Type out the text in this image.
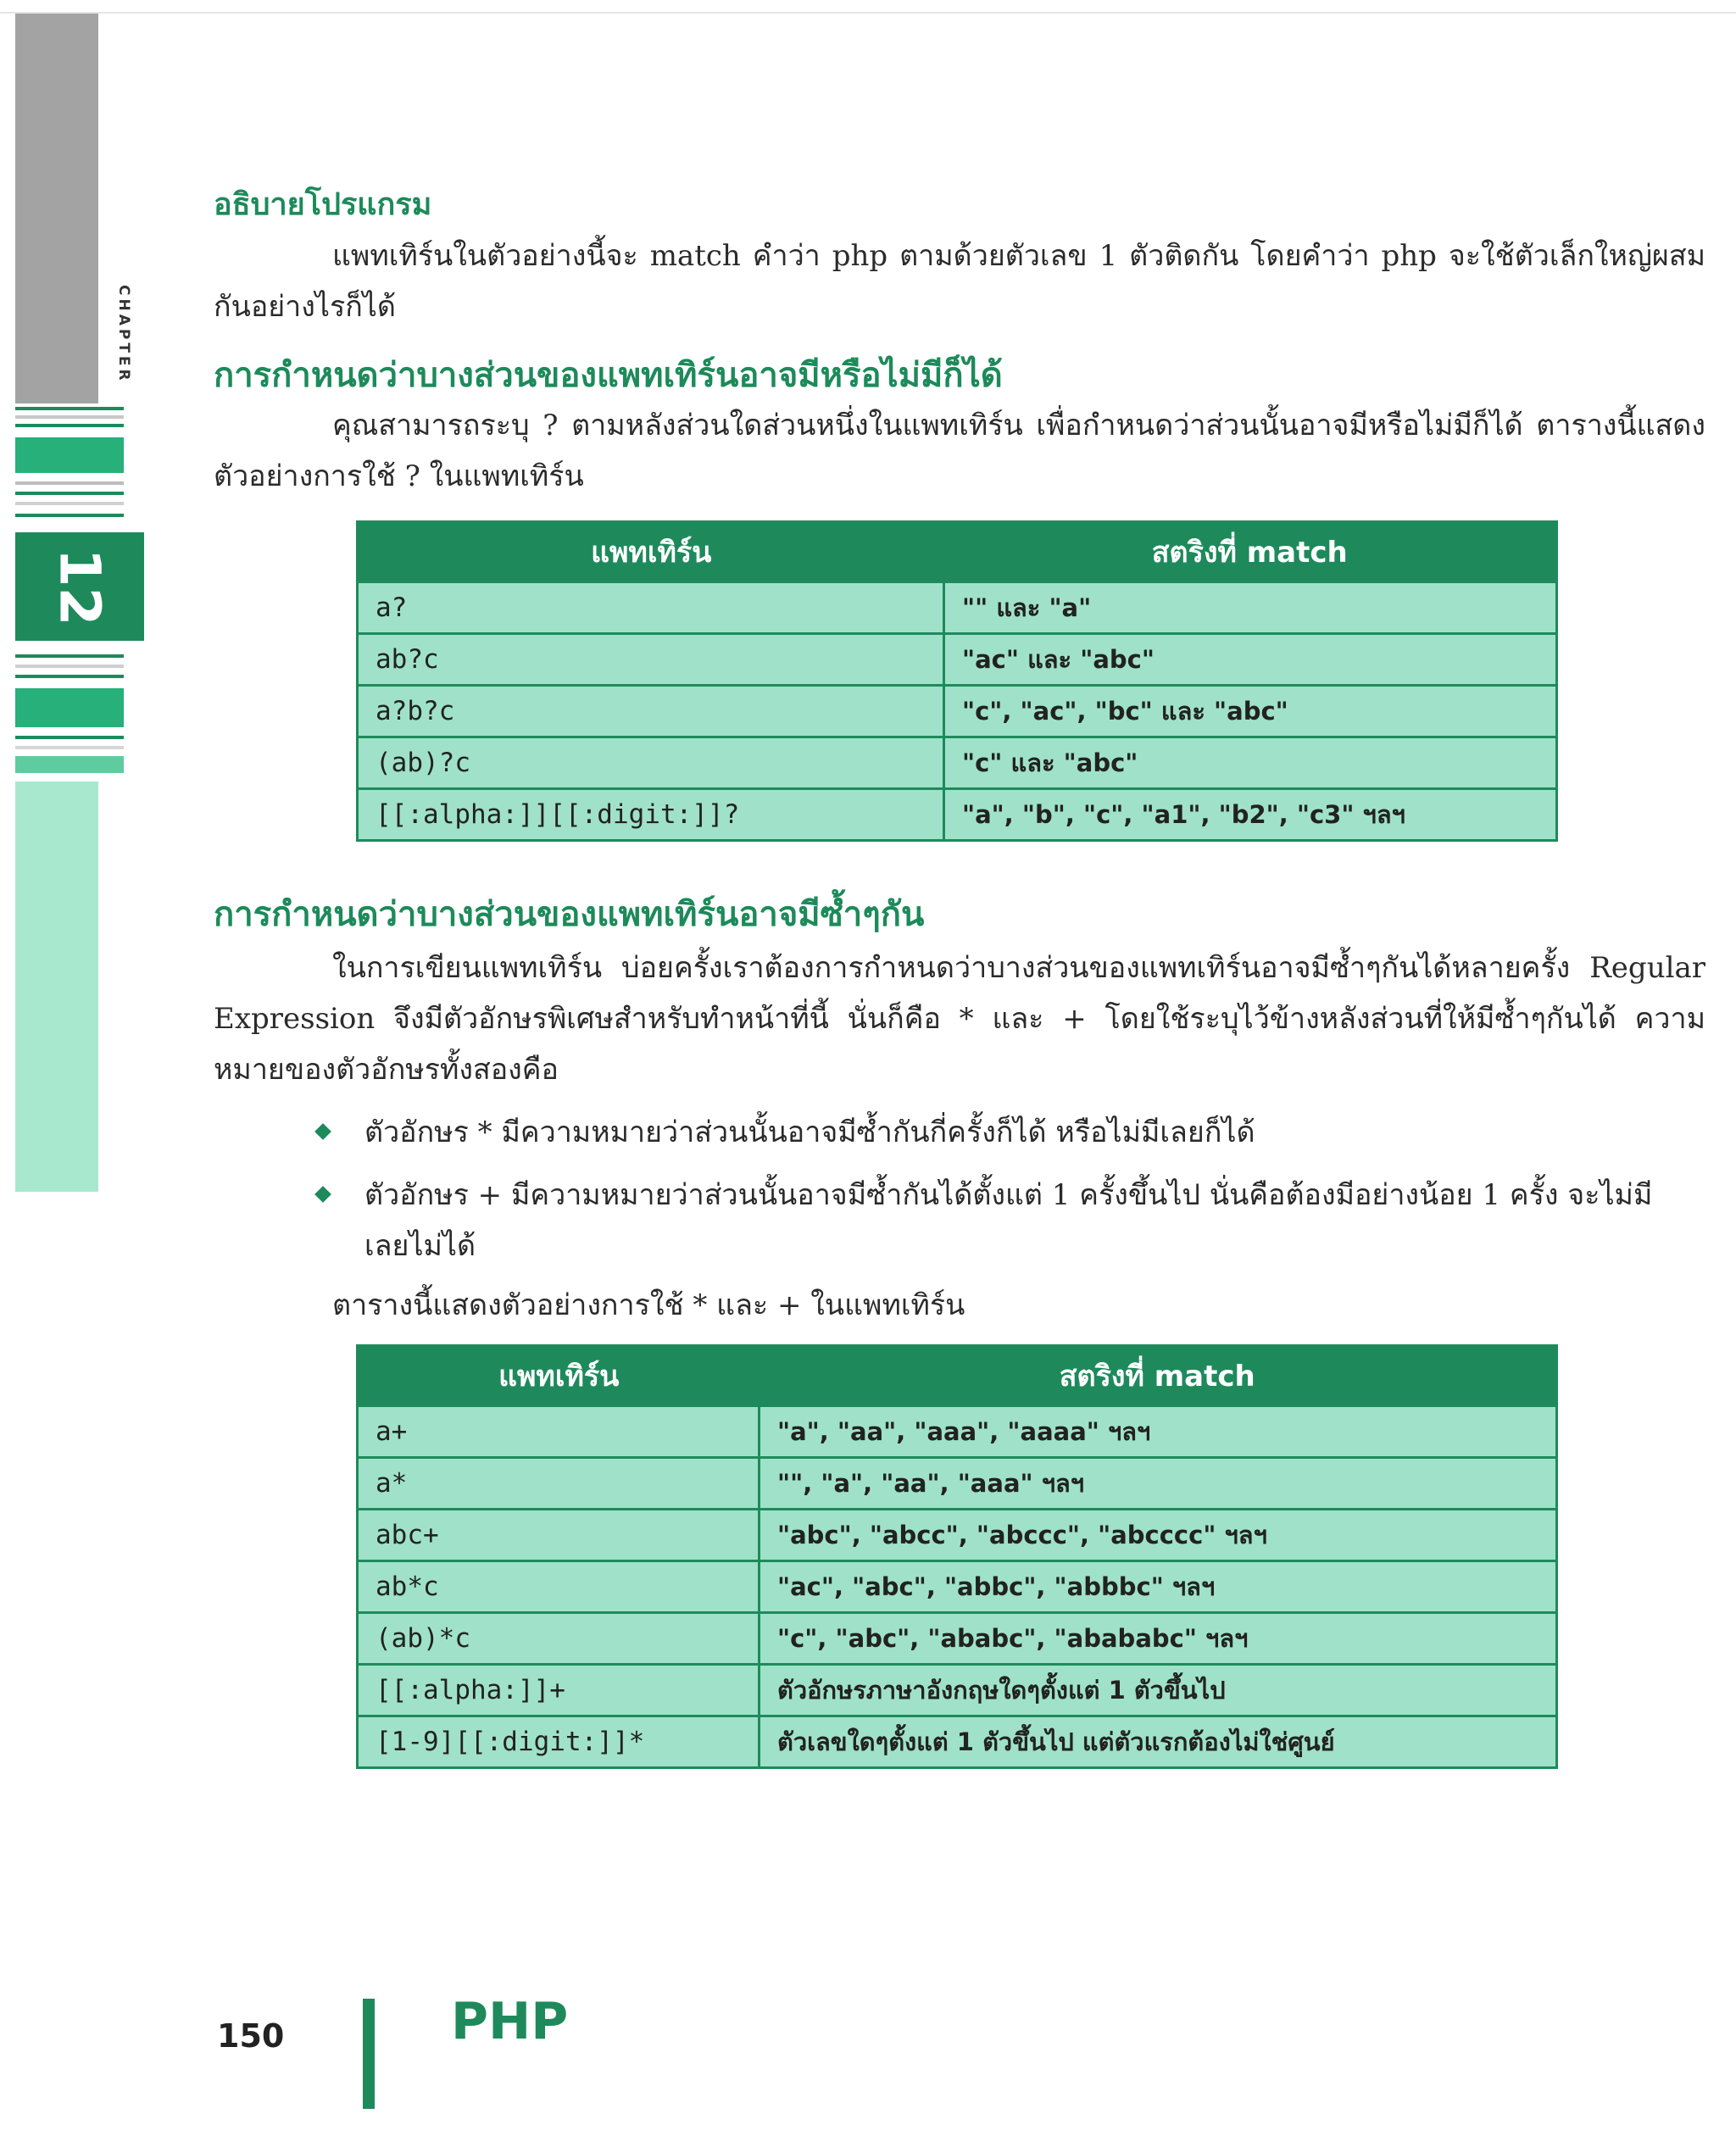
CHAPTER
12
อธิบายโปรแกรม

แพทเทิร์นในตัวอย่างนี้จะ match คำว่า php ตามด้วยตัวเลข 1 ตัวติดกัน โดยคำว่า php จะใช้ตัวเล็กใหญ่ผสมกันอย่างไรก็ได้

การกำหนดว่าบางส่วนของแพทเทิร์นอาจมีหรือไม่มีก็ได้

คุณสามารถระบุ ? ตามหลังส่วนใดส่วนหนึ่งในแพทเทิร์น เพื่อกำหนดว่าส่วนนั้นอาจมีหรือไม่มีก็ได้ ตารางนี้แสดงตัวอย่างการใช้ ? ในแพทเทิร์น

แพทเทิร์น	สตริงที่ match
a?	"" และ "a"
ab?c	"ac" และ "abc"
a?b?c	"c", "ac", "bc" และ "abc"
(ab)?c	"c" และ "abc"
[[:alpha:]][[:digit:]]?	"a", "b", "c", "a1", "b2", "c3" ฯลฯ
การกำหนดว่าบางส่วนของแพทเทิร์นอาจมีซ้ำๆกัน

ในการเขียนแพทเทิร์น บ่อยครั้งเราต้องการกำหนดว่าบางส่วนของแพทเทิร์นอาจมีซ้ำๆกันได้หลายครั้ง Regular Expression จึงมีตัวอักษรพิเศษสำหรับทำหน้าที่นี้ นั่นก็คือ * และ + โดยใช้ระบุไว้ข้างหลังส่วนที่ให้มีซ้ำๆกันได้ ความหมายของตัวอักษรทั้งสองคือ

ตัวอักษร * มีความหมายว่าส่วนนั้นอาจมีซ้ำกันกี่ครั้งก็ได้ หรือไม่มีเลยก็ได้
ตัวอักษร + มีความหมายว่าส่วนนั้นอาจมีซ้ำกันได้ตั้งแต่ 1 ครั้งขึ้นไป นั่นคือต้องมีอย่างน้อย 1 ครั้ง จะไม่มีเลยไม่ได้

ตารางนี้แสดงตัวอย่างการใช้ * และ + ในแพทเทิร์น

แพทเทิร์น	สตริงที่ match
a+	"a", "aa", "aaa", "aaaa" ฯลฯ
a*	"", "a", "aa", "aaa" ฯลฯ
abc+	"abc", "abcc", "abccc", "abcccc" ฯลฯ
ab*c	"ac", "abc", "abbc", "abbbc" ฯลฯ
(ab)*c	"c", "abc", "ababc", "abababc" ฯลฯ
[[:alpha:]]+	ตัวอักษรภาษาอังกฤษใดๆตั้งแต่ 1 ตัวขึ้นไป
[1-9][[:digit:]]*	ตัวเลขใดๆตั้งแต่ 1 ตัวขึ้นไป แต่ตัวแรกต้องไม่ใช่ศูนย์
150	PHP
